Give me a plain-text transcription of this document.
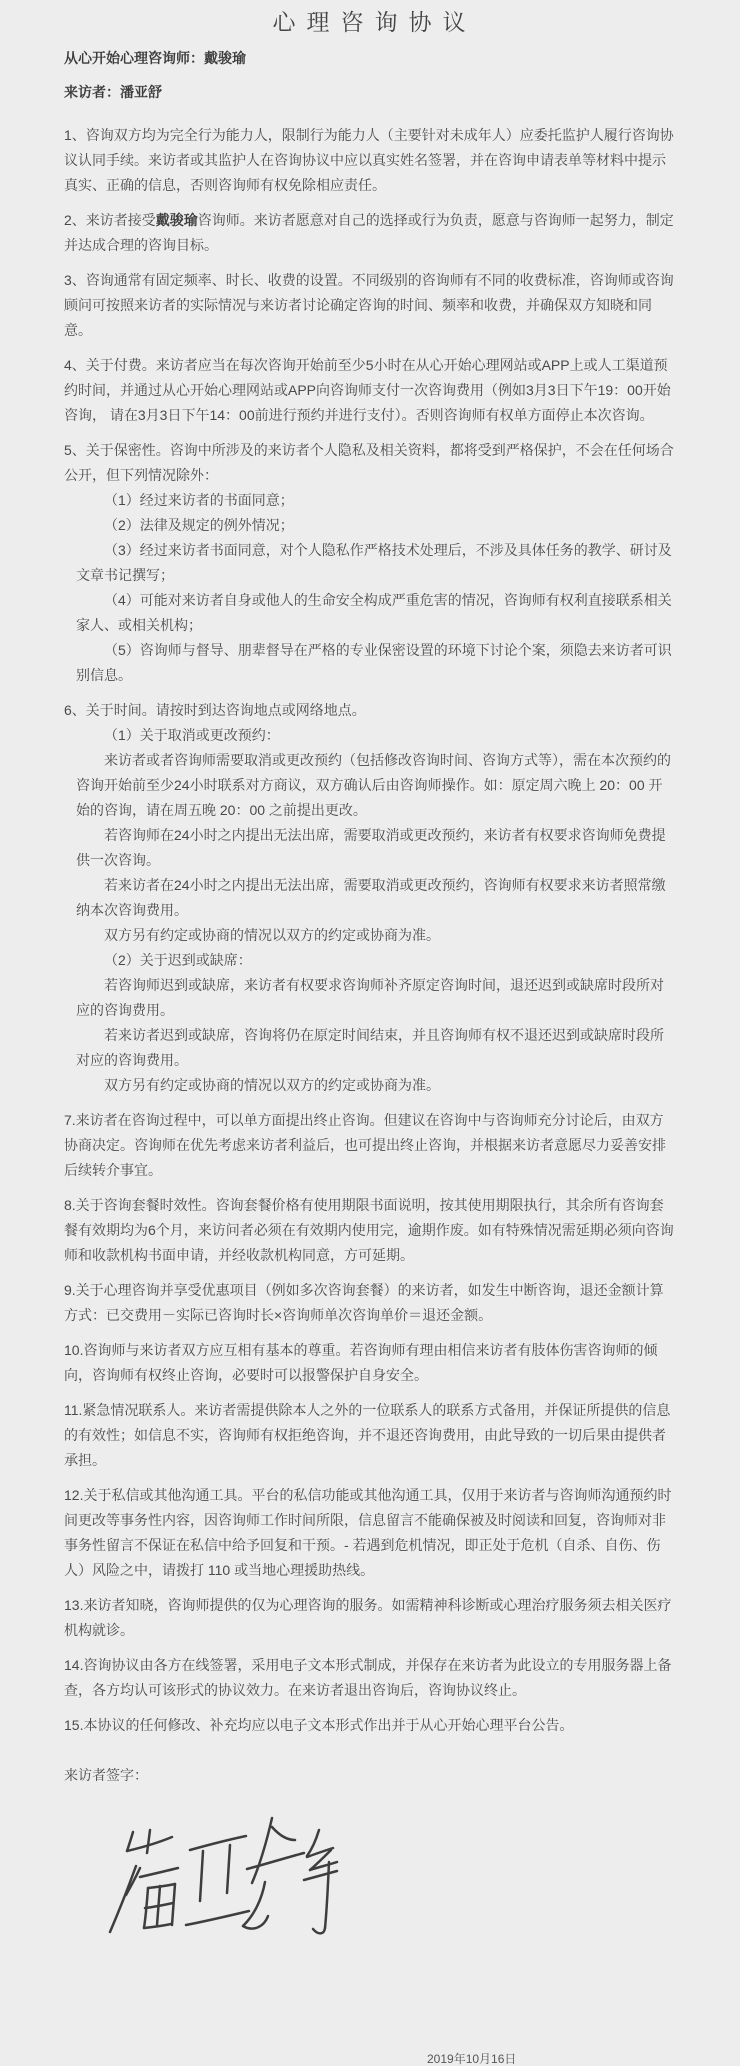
心理咨询协议

从心开始心理咨询师：戴骏瑜

来访者：潘亚舒

1、咨询双方均为完全行为能力人，限制行为能力人（主要针对未成年人）应委托监护人履行咨询协议认同手续。来访者或其监护人在咨询协议中应以真实姓名签署，并在咨询申请表单等材料中提示真实、正确的信息，否则咨询师有权免除相应责任。

2、来访者接受戴骏瑜咨询师。来访者愿意对自己的选择或行为负责，愿意与咨询师一起努力，制定并达成合理的咨询目标。

3、咨询通常有固定频率、时长、收费的设置。不同级别的咨询师有不同的收费标准，咨询师或咨询顾问可按照来访者的实际情况与来访者讨论确定咨询的时间、频率和收费，并确保双方知晓和同意。

4、关于付费。来访者应当在每次咨询开始前至少5小时在从心开始心理网站或APP上或人工渠道预约时间，并通过从心开始心理网站或APP向咨询师支付一次咨询费用（例如3月3日下午19：00开始咨询， 请在3月3日下午14：00前进行预约并进行支付）。否则咨询师有权单方面停止本次咨询。

5、关于保密性。咨询中所涉及的来访者个人隐私及相关资料，都将受到严格保护，不会在任何场合公开，但下列情况除外：

（1）经过来访者的书面同意；

（2）法律及规定的例外情况；

（3）经过来访者书面同意，对个人隐私作严格技术处理后，不涉及具体任务的教学、研讨及文章书记撰写；

（4）可能对来访者自身或他人的生命安全构成严重危害的情况，咨询师有权利直接联系相关家人、或相关机构；

（5）咨询师与督导、朋辈督导在严格的专业保密设置的环境下讨论个案，须隐去来访者可识别信息。

6、关于时间。请按时到达咨询地点或网络地点。

（1）关于取消或更改预约：

来访者或者咨询师需要取消或更改预约（包括修改咨询时间、咨询方式等），需在本次预约的咨询开始前至少24小时联系对方商议，双方确认后由咨询师操作。如：原定周六晚上 20：00 开始的咨询，请在周五晚 20：00 之前提出更改。

若咨询师在24小时之内提出无法出席，需要取消或更改预约，来访者有权要求咨询师免费提供一次咨询。

若来访者在24小时之内提出无法出席，需要取消或更改预约，咨询师有权要求来访者照常缴纳本次咨询费用。

双方另有约定或协商的情况以双方的约定或协商为准。

（2）关于迟到或缺席：

若咨询师迟到或缺席，来访者有权要求咨询师补齐原定咨询时间，退还迟到或缺席时段所对应的咨询费用。

若来访者迟到或缺席，咨询将仍在原定时间结束，并且咨询师有权不退还迟到或缺席时段所对应的咨询费用。

双方另有约定或协商的情况以双方的约定或协商为准。

7.来访者在咨询过程中，可以单方面提出终止咨询。但建议在咨询中与咨询师充分讨论后，由双方协商决定。咨询师在优先考虑来访者利益后，也可提出终止咨询，并根据来访者意愿尽力妥善安排后续转介事宜。

8.关于咨询套餐时效性。咨询套餐价格有使用期限书面说明，按其使用期限执行，其余所有咨询套餐有效期均为6个月，来访问者必须在有效期内使用完，逾期作废。如有特殊情况需延期必须向咨询师和收款机构书面申请，并经收款机构同意，方可延期。

9.关于心理咨询并享受优惠项目（例如多次咨询套餐）的来访者，如发生中断咨询，退还金额计算方式：已交费用－实际已咨询时长×咨询师单次咨询单价＝退还金额。

10.咨询师与来访者双方应互相有基本的尊重。若咨询师有理由相信来访者有肢体伤害咨询师的倾向，咨询师有权终止咨询，必要时可以报警保护自身安全。

11.紧急情况联系人。来访者需提供除本人之外的一位联系人的联系方式备用，并保证所提供的信息的有效性；如信息不实，咨询师有权拒绝咨询，并不退还咨询费用，由此导致的一切后果由提供者承担。

12.关于私信或其他沟通工具。平台的私信功能或其他沟通工具，仅用于来访者与咨询师沟通预约时间更改等事务性内容，因咨询师工作时间所限，信息留言不能确保被及时阅读和回复，咨询师对非事务性留言不保证在私信中给予回复和干预。- 若遇到危机情况，即正处于危机（自杀、自伤、伤人）风险之中，请拨打 110 或当地心理援助热线。

13.来访者知晓，咨询师提供的仅为心理咨询的服务。如需精神科诊断或心理治疗服务须去相关医疗机构就诊。

14.咨询协议由各方在线签署，采用电子文本形式制成，并保存在来访者为此设立的专用服务器上备查，各方均认可该形式的协议效力。在来访者退出咨询后，咨询协议终止。

15.本协议的任何修改、补充均应以电子文本形式作出并于从心开始心理平台公告。

来访者签字：

2019年10月16日
